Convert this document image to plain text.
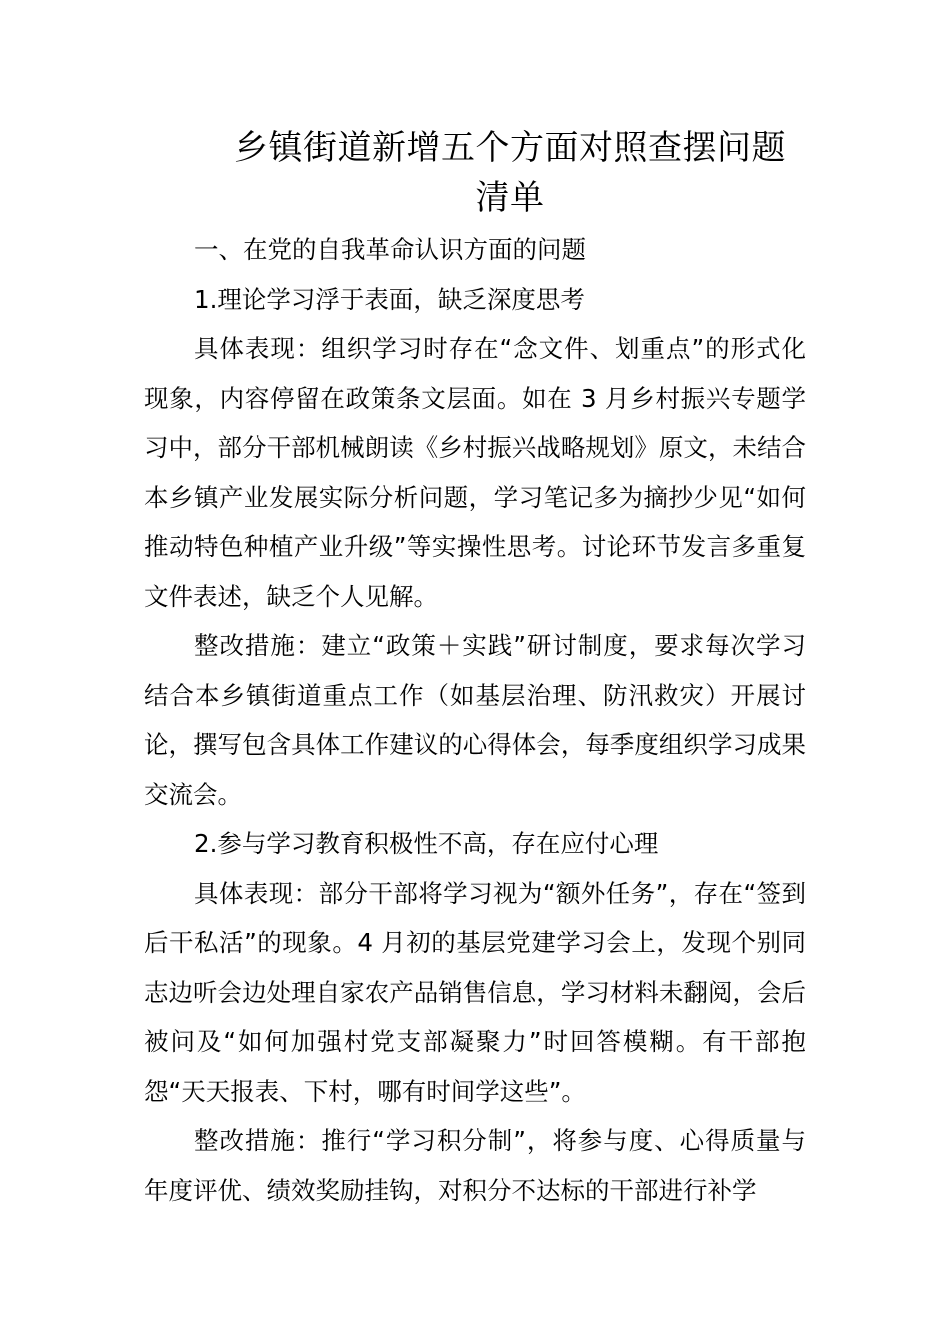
乡镇街道新增五个方面对照查摆问题
清单

一、在党的自我革命认识方面的问题

1.理论学习浮于表面，缺乏深度思考

具体表现：组织学习时存在“念文件、划重点”的形式化现象，内容停留在政策条文层面。如在 3 月乡村振兴专题学习中，部分干部机械朗读《乡村振兴战略规划》原文，未结合本乡镇产业发展实际分析问题，学习笔记多为摘抄少见“如何推动特色种植产业升级”等实操性思考。讨论环节发言多重复文件表述，缺乏个人见解。

整改措施：建立“政策＋实践”研讨制度，要求每次学习结合本乡镇街道重点工作（如基层治理、防汛救灾）开展讨论，撰写包含具体工作建议的心得体会，每季度组织学习成果交流会。

2.参与学习教育积极性不高，存在应付心理

具体表现：部分干部将学习视为“额外任务”，存在“签到后干私活”的现象。4 月初的基层党建学习会上，发现个别同志边听会边处理自家农产品销售信息，学习材料未翻阅，会后被问及“如何加强村党支部凝聚力”时回答模糊。有干部抱怨“天天报表、下村，哪有时间学这些”。

整改措施：推行“学习积分制”，将参与度、心得质量与年度评优、绩效奖励挂钩，对积分不达标的干部进行补学
